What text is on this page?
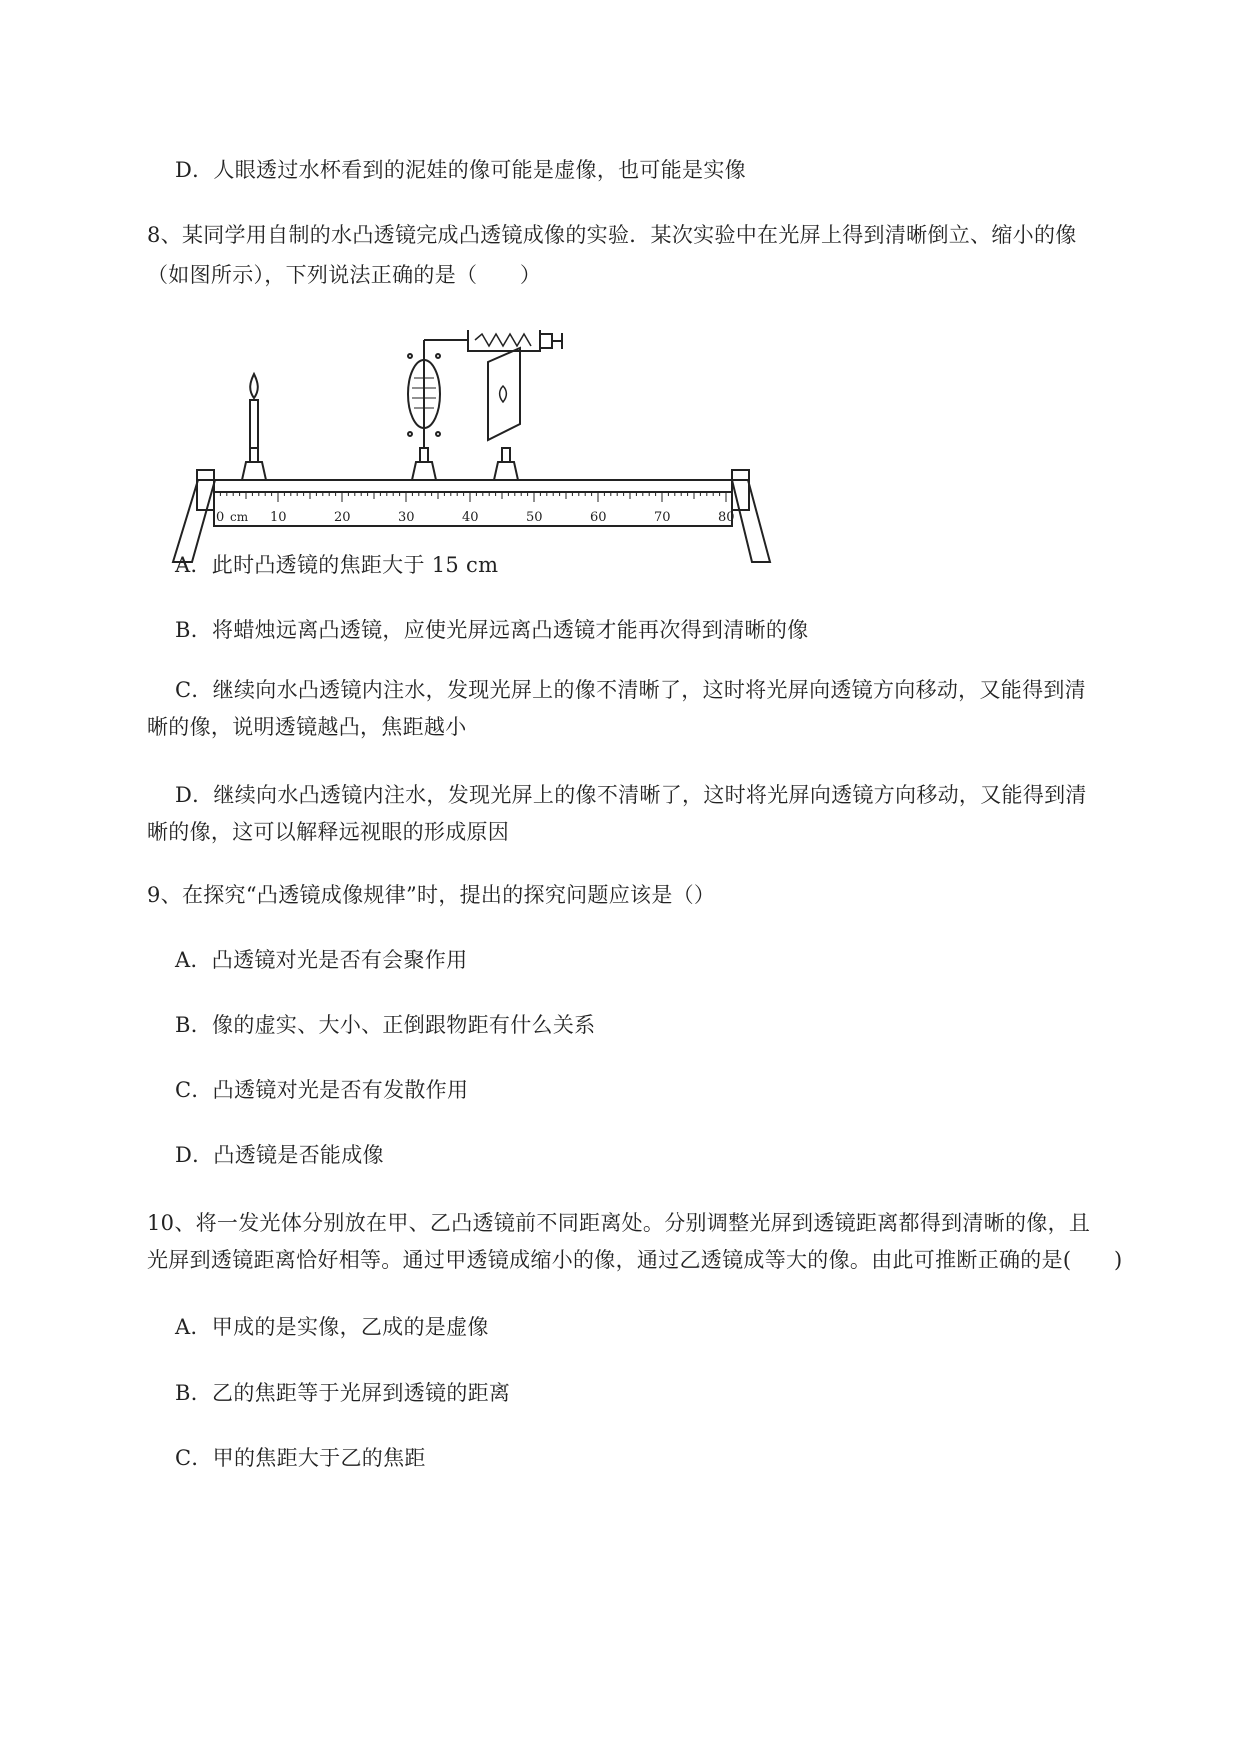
D．人眼透过水杯看到的泥娃的像可能是虚像，也可能是实像
8、某同学用自制的水凸透镜完成凸透镜成像的实验．某次实验中在光屏上得到清晰倒立、缩小的像
（如图所示），下列说法正确的是（　　）
0	10	20	30	40	50	60	70	80
cm
A．此时凸透镜的焦距大于 15 cm
B．将蜡烛远离凸透镜，应使光屏远离凸透镜才能再次得到清晰的像
C．继续向水凸透镜内注水，发现光屏上的像不清晰了，这时将光屏向透镜方向移动，又能得到清
晰的像，说明透镜越凸，焦距越小
D．继续向水凸透镜内注水，发现光屏上的像不清晰了，这时将光屏向透镜方向移动，又能得到清
晰的像，这可以解释远视眼的形成原因
9、在探究“凸透镜成像规律”时，提出的探究问题应该是（）
A．凸透镜对光是否有会聚作用
B．像的虚实、大小、正倒跟物距有什么关系
C．凸透镜对光是否有发散作用
D．凸透镜是否能成像
10、将一发光体分别放在甲、乙凸透镜前不同距离处。分别调整光屏到透镜距离都得到清晰的像，且
光屏到透镜距离恰好相等。通过甲透镜成缩小的像，通过乙透镜成等大的像。由此可推断正确的是(　　)
A．甲成的是实像，乙成的是虚像
B．乙的焦距等于光屏到透镜的距离
C．甲的焦距大于乙的焦距
